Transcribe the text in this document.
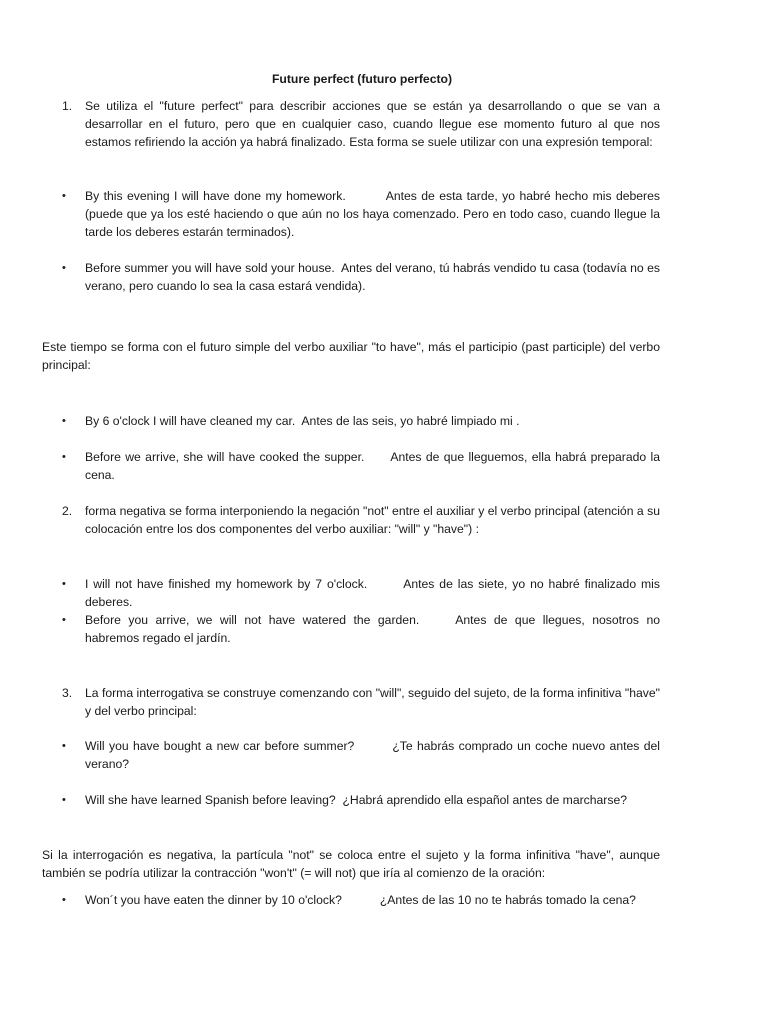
Future perfect (futuro perfecto)
1.	Se utiliza el "future perfect" para describir acciones que se están ya desarrollando o que se van a desarrollar en el futuro, pero que en cualquier caso, cuando llegue ese momento futuro al que nos estamos refiriendo la acción ya habrá finalizado. Esta forma se suele utilizar con una expresión temporal:
•	By this evening I will have done my homework.	Antes de esta tarde, yo habré hecho mis deberes (puede que ya los esté haciendo o que aún no los haya comenzado. Pero en todo caso, cuando llegue la tarde los deberes estarán terminados).
•	Before summer you will have sold your house. Antes del verano, tú habrás vendido tu casa (todavía no es verano, pero cuando lo sea la casa estará vendida).
Este tiempo se forma con el futuro simple del verbo auxiliar "to have", más el participio (past participle) del verbo principal:
•	By 6 o'clock I will have cleaned my car. Antes de las seis, yo habré limpiado mi .
•	Before we arrive, she will have cooked the supper. Antes de que lleguemos, ella habrá preparado la cena.
2.	forma negativa se forma interponiendo la negación "not" entre el auxiliar y el verbo principal (atención a su colocación entre los dos componentes del verbo auxiliar: "will" y "have") :
•	I will not have finished my homework by 7 o'clock.	Antes de las siete, yo no habré finalizado mis deberes.
•	Before you arrive, we will not have watered the garden.	Antes de que llegues, nosotros no habremos regado el jardín.
3.	La forma interrogativa se construye comenzando con "will", seguido del sujeto, de la forma infinitiva "have" y del verbo principal:
•	Will you have bought a new car before summer?	¿Te habrás comprado un coche nuevo antes del verano?
•	Will she have learned Spanish before leaving? ¿Habrá aprendido ella español antes de marcharse?
Si la interrogación es negativa, la partícula "not" se coloca entre el sujeto y la forma infinitiva "have", aunque también se podría utilizar la contracción "won't" (= will not) que iría al comienzo de la oración:
•	Won´t you have eaten the dinner by 10 o'clock?	¿Antes de las 10 no te habrás tomado la cena?
